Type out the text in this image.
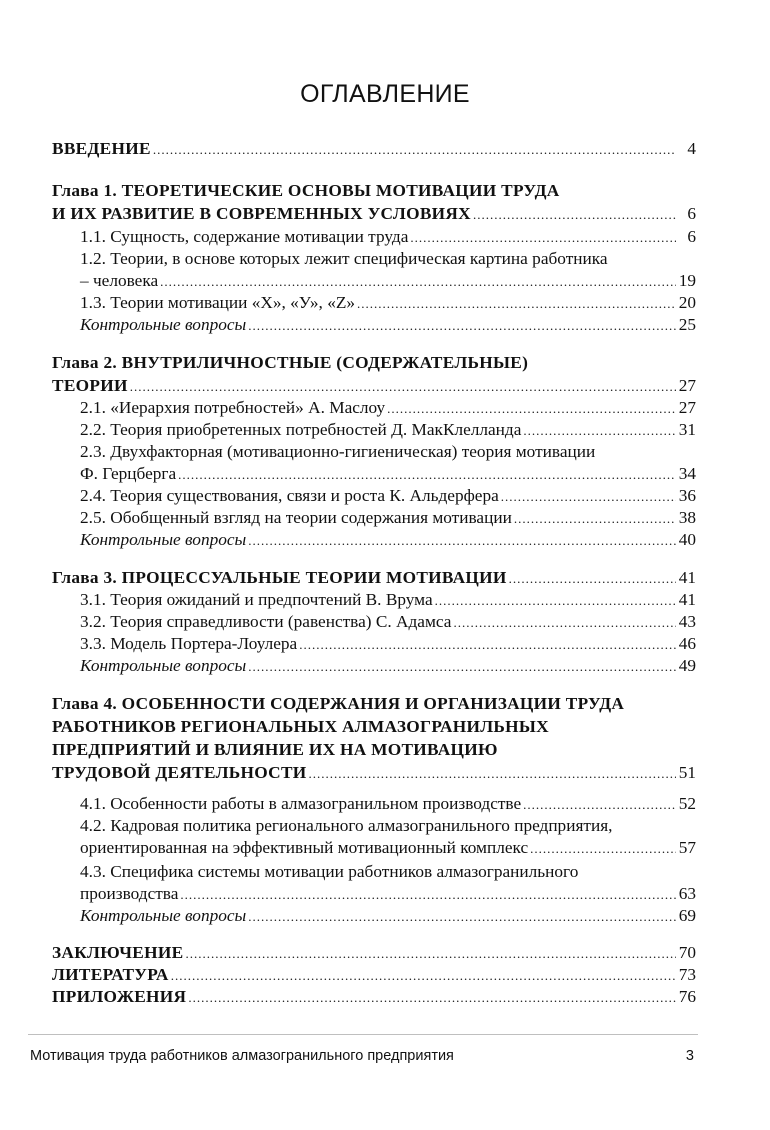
ОГЛАВЛЕНИЕ
ВВЕДЕНИЕ .....	4
Глава 1. ТЕОРЕТИЧЕСКИЕ ОСНОВЫ МОТИВАЦИИ ТРУДА
И ИХ РАЗВИТИЕ В СОВРЕМЕННЫХ УСЛОВИЯХ .....	6
1.1. Сущность, содержание мотивации труда .....	6
1.2. Теории, в основе которых лежит специфическая картина работника
– человека .....	19
1.3. Теории мотивации «Х», «У», «Z» .....	20
Контрольные вопросы .....	25
Глава 2. ВНУТРИЛИЧНОСТНЫЕ (СОДЕРЖАТЕЛЬНЫЕ)
ТЕОРИИ .....	27
2.1. «Иерархия потребностей» А. Маслоу .....	27
2.2. Теория приобретенных потребностей Д. МакКлелланда .....	31
2.3. Двухфакторная (мотивационно-гигиеническая) теория мотивации
Ф. Герцберга .....	34
2.4. Теория существования, связи и роста К. Альдерфера .....	36
2.5. Обобщенный взгляд на теории содержания мотивации .....	38
Контрольные вопросы .....	40
Глава 3. ПРОЦЕССУАЛЬНЫЕ ТЕОРИИ МОТИВАЦИИ .....	41
3.1. Теория ожиданий и предпочтений В. Врума .....	41
3.2. Теория справедливости (равенства) С. Адамса .....	43
3.3. Модель Портера-Лоулера .....	46
Контрольные вопросы .....	49
Глава 4. ОСОБЕННОСТИ СОДЕРЖАНИЯ И ОРГАНИЗАЦИИ ТРУДА
РАБОТНИКОВ РЕГИОНАЛЬНЫХ АЛМАЗОГРАНИЛЬНЫХ
ПРЕДПРИЯТИЙ И ВЛИЯНИЕ ИХ НА МОТИВАЦИЮ
ТРУДОВОЙ ДЕЯТЕЛЬНОСТИ .....	51
4.1. Особенности работы в алмазогранильном производстве .....	52
4.2. Кадровая политика регионального алмазогранильного предприятия,
ориентированная на эффективный мотивационный комплекс .....	57
4.3. Специфика системы мотивации работников алмазогранильного
производства .....	63
Контрольные вопросы .....	69
ЗАКЛЮЧЕНИЕ .....	70
ЛИТЕРАТУРА .....	73
ПРИЛОЖЕНИЯ .....	76
Мотивация труда работников алмазогранильного предприятия	3
